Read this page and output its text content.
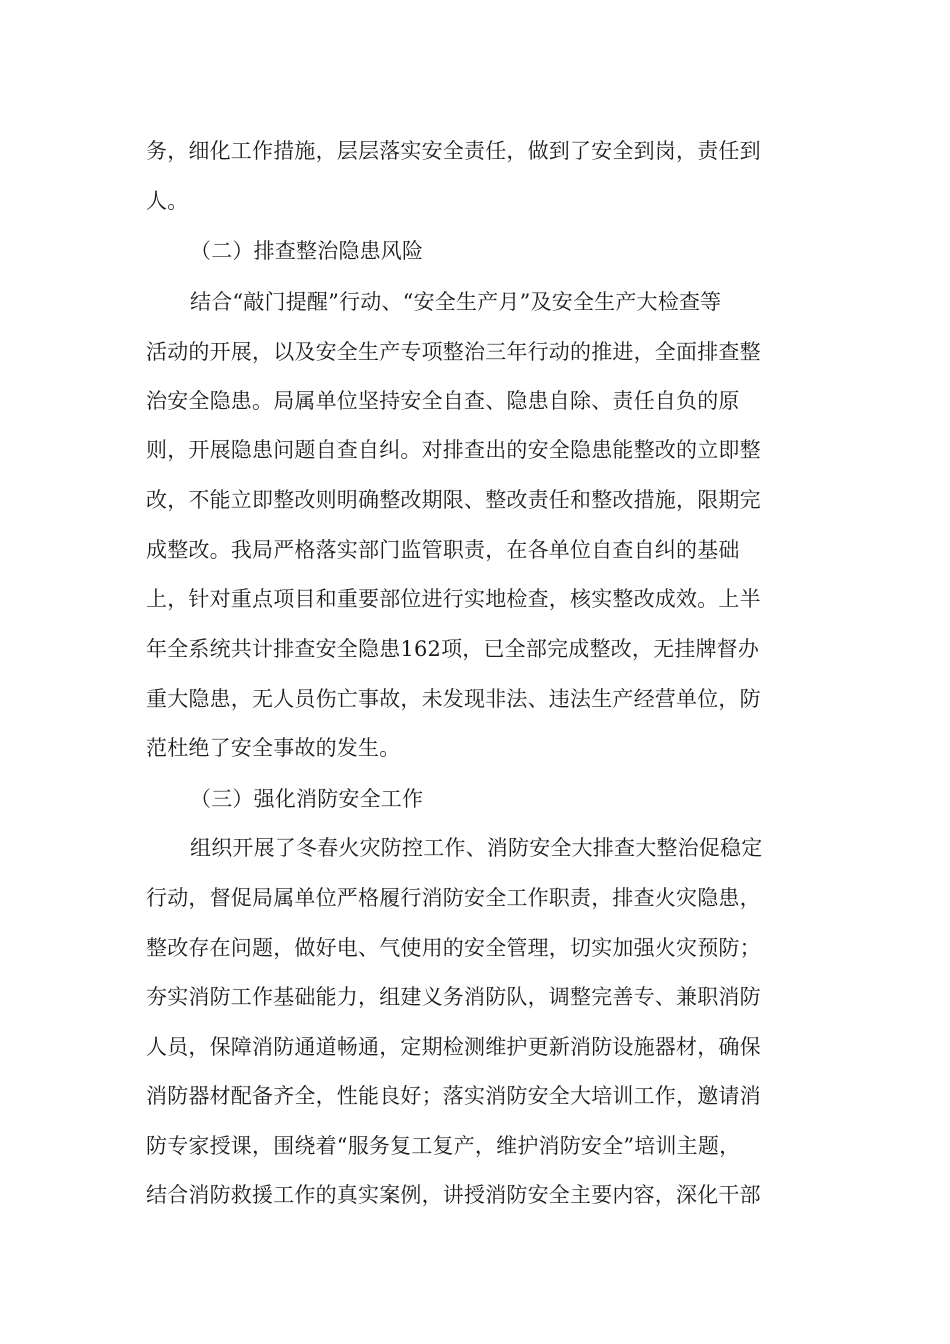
务，细化工作措施，层层落实安全责任，做到了安全到岗，责任到
人。
（二）排查整治隐患风险
结合“敲门提醒”行动、“安全生产月”及安全生产大检查等
活动的开展，以及安全生产专项整治三年行动的推进，全面排查整
治安全隐患。局属单位坚持安全自查、隐患自除、责任自负的原
则，开展隐患问题自查自纠。对排查出的安全隐患能整改的立即整
改，不能立即整改则明确整改期限、整改责任和整改措施，限期完
成整改。我局严格落实部门监管职责，在各单位自查自纠的基础
上，针对重点项目和重要部位进行实地检查，核实整改成效。上半
年全系统共计排查安全隐患162项，已全部完成整改，无挂牌督办
重大隐患，无人员伤亡事故，未发现非法、违法生产经营单位，防
范杜绝了安全事故的发生。
（三）强化消防安全工作
组织开展了冬春火灾防控工作、消防安全大排查大整治促稳定
行动，督促局属单位严格履行消防安全工作职责，排查火灾隐患，
整改存在问题，做好电、气使用的安全管理，切实加强火灾预防；
夯实消防工作基础能力，组建义务消防队，调整完善专、兼职消防
人员，保障消防通道畅通，定期检测维护更新消防设施器材，确保
消防器材配备齐全，性能良好；落实消防安全大培训工作，邀请消
防专家授课，围绕着“服务复工复产，维护消防安全”培训主题，
结合消防救援工作的真实案例，讲授消防安全主要内容，深化干部
